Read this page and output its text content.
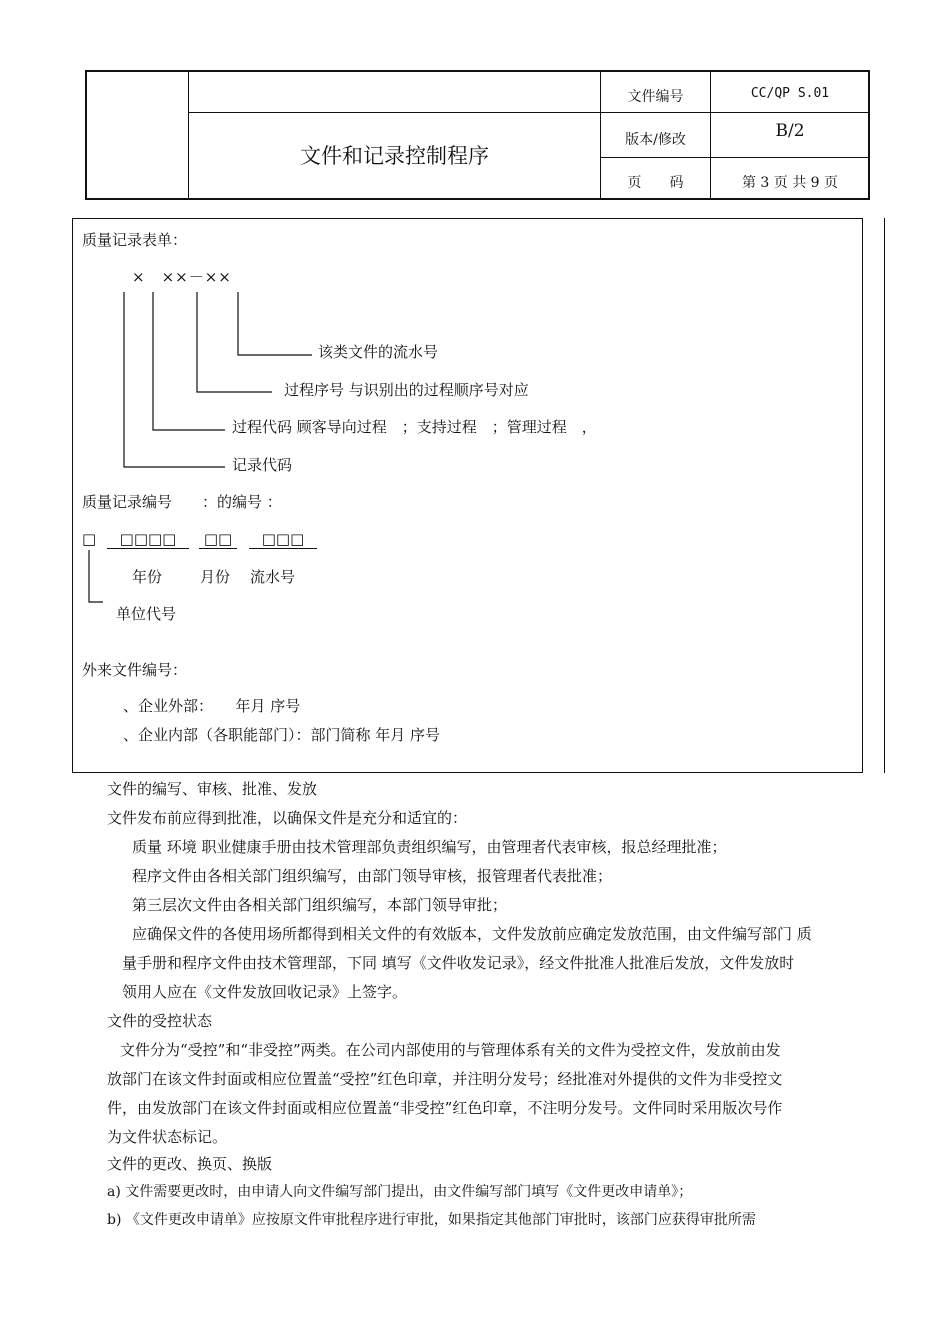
文件和记录控制程序
文件编号	CC/QP S.01
版本/修改	B/2
页　　码	第 3 页 共 9 页
质量记录表单：
×　××－××
该类文件的流水号
过程序号 与识别出的过程顺序号对应
过程代码 顾客导向过程　；支持过程　；管理过程　，
记录代码
质量记录编号　　：的编号 ：
□	□□□□	□□	□□□
年份	月份 流水号
单位代号
外来文件编号：
、企业外部：　　年月 序号
、企业内部（各职能部门）：部门简称 年月 序号
文件的编写、审核、批准、发放
文件发布前应得到批准，以确保文件是充分和适宜的：
质量 环境 职业健康手册由技术管理部负责组织编写，由管理者代表审核，报总经理批准；
程序文件由各相关部门组织编写，由部门领导审核，报管理者代表批准；
第三层次文件由各相关部门组织编写，本部门领导审批；
应确保文件的各使用场所都得到相关文件的有效版本，文件发放前应确定发放范围，由文件编写部门 质
量手册和程序文件由技术管理部，下同 填写《文件收发记录》，经文件批准人批准后发放，文件发放时
领用人应在《文件发放回收记录》上签字。
文件的受控状态
文件分为“受控”和“非受控”两类。在公司内部使用的与管理体系有关的文件为受控文件，发放前由发
放部门在该文件封面或相应位置盖“受控”红色印章，并注明分发号；经批准对外提供的文件为非受控文
件，由发放部门在该文件封面或相应位置盖“非受控”红色印章，不注明分发号。文件同时采用版次号作
为文件状态标记。
文件的更改、换页、换版
a) 文件需要更改时，由申请人向文件编写部门提出，由文件编写部门填写《文件更改申请单》；
b) 《文件更改申请单》应按原文件审批程序进行审批，如果指定其他部门审批时，该部门应获得审批所需
